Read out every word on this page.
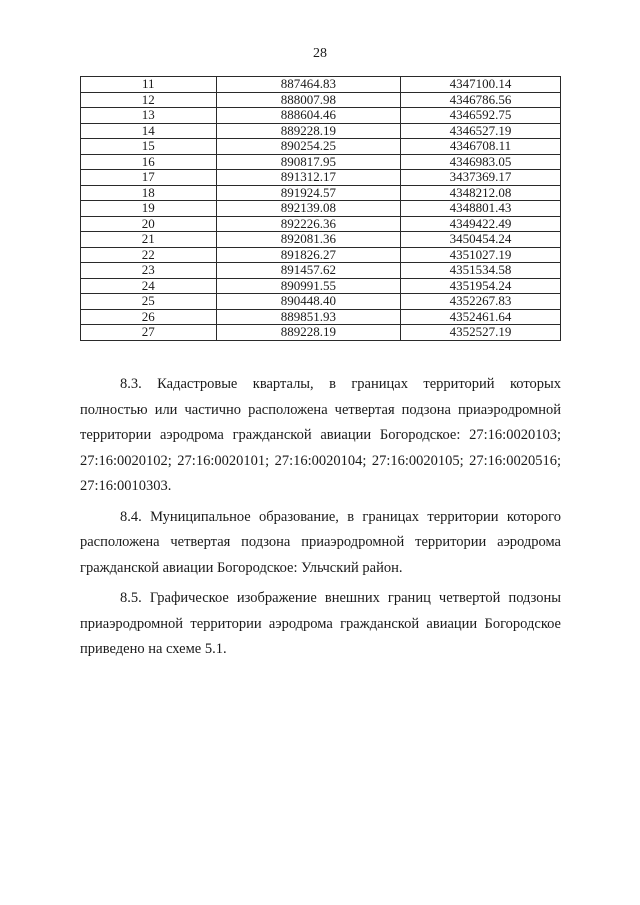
28
11	887464.83	4347100.14
12	888007.98	4346786.56
13	888604.46	4346592.75
14	889228.19	4346527.19
15	890254.25	4346708.11
16	890817.95	4346983.05
17	891312.17	3437369.17
18	891924.57	4348212.08
19	892139.08	4348801.43
20	892226.36	4349422.49
21	892081.36	3450454.24
22	891826.27	4351027.19
23	891457.62	4351534.58
24	890991.55	4351954.24
25	890448.40	4352267.83
26	889851.93	4352461.64
27	889228.19	4352527.19

8.3. Кадастровые кварталы, в границах территорий которых полностью или частично расположена четвертая подзона приаэродромной территории аэродрома гражданской авиации Богородское: 27:16:0020103; 27:16:0020102; 27:16:0020101; 27:16:0020104; 27:16:0020105; 27:16:0020516; 27:16:0010303.

8.4. Муниципальное образование, в границах территории которого расположена четвертая подзона приаэродромной территории аэродрома гражданской авиации Богородское: Ульчский район.

8.5. Графическое изображение внешних границ четвертой подзоны приаэродромной территории аэродрома гражданской авиации Богородское приведено на схеме 5.1.
